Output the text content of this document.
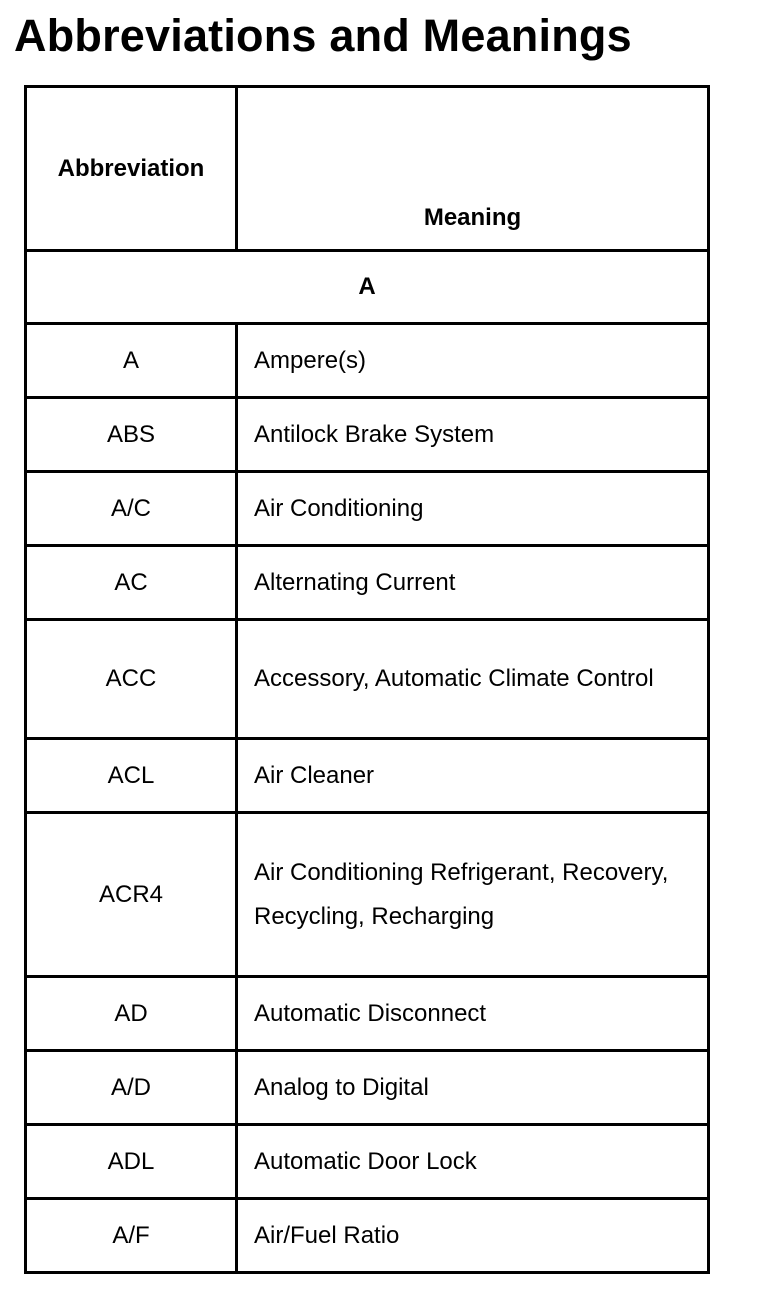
Abbreviations and Meanings
Abbreviation	Meaning
A	
A	Ampere(s)
ABS	Antilock Brake System
A/C	Air Conditioning
AC	Alternating Current
ACC	Accessory, Automatic Climate Control
ACL	Air Cleaner
ACR4	Air Conditioning Refrigerant, Recovery, Recycling, Recharging
AD	Automatic Disconnect
A/D	Analog to Digital
ADL	Automatic Door Lock
A/F	Air/Fuel Ratio
